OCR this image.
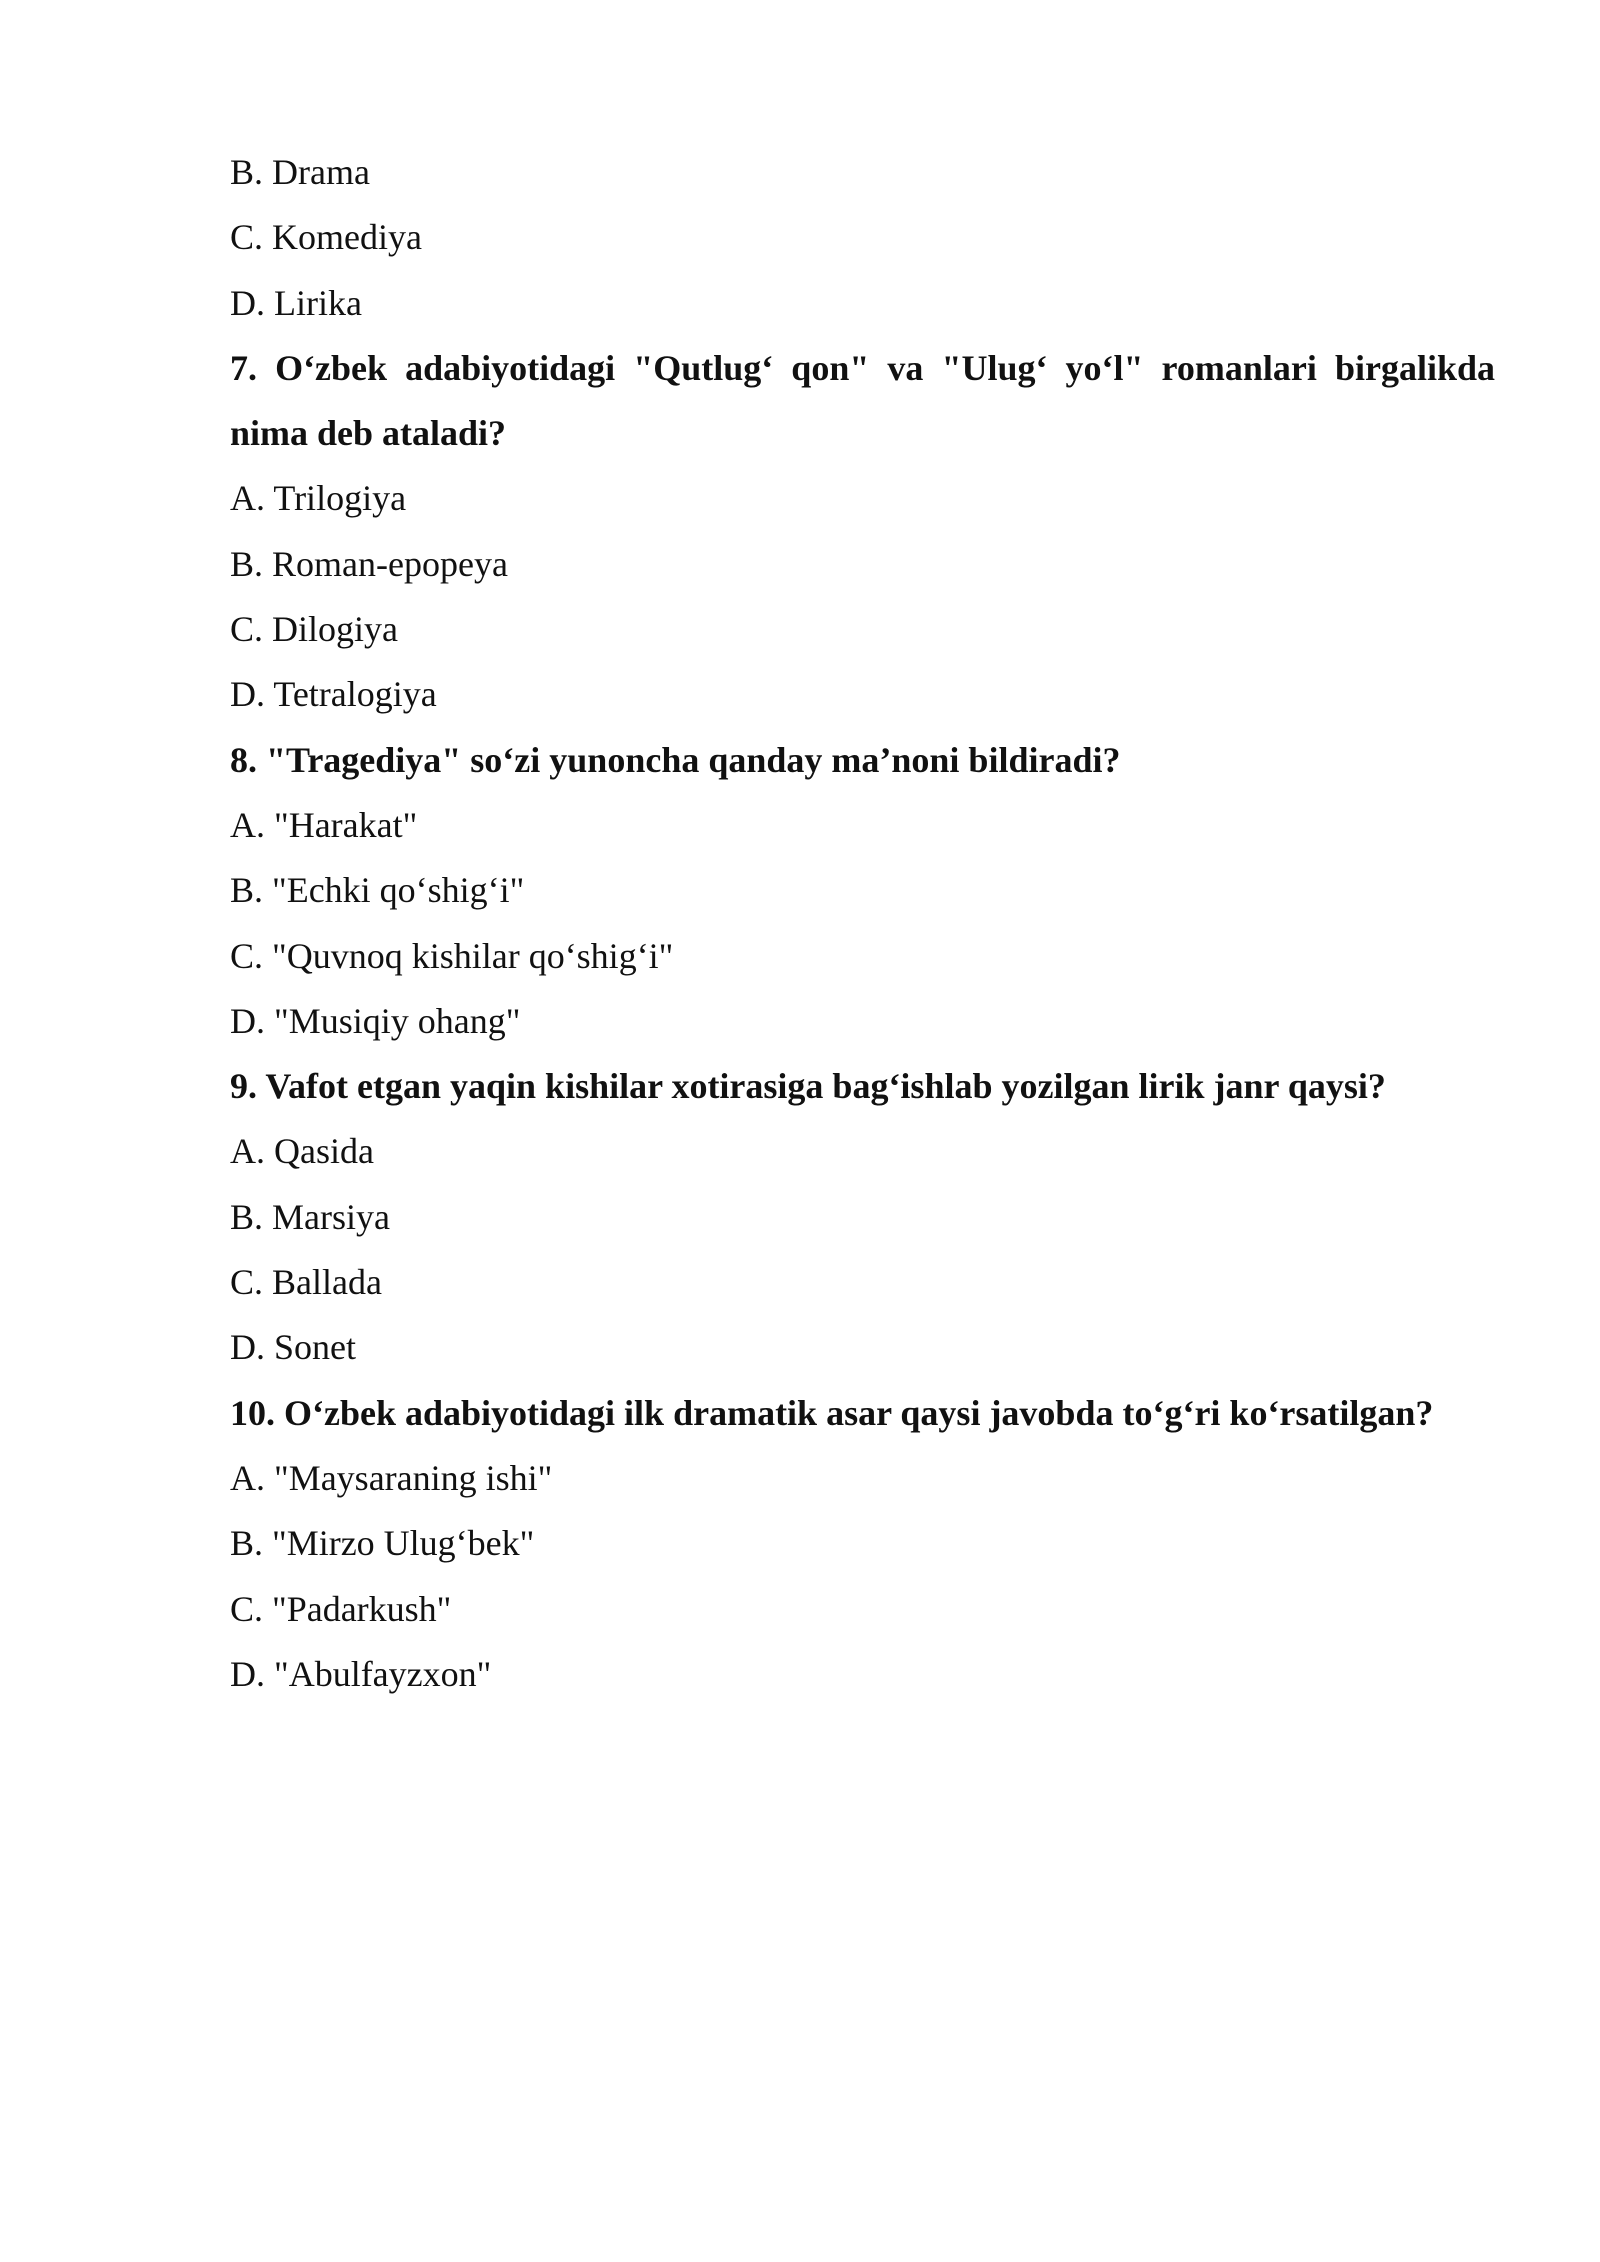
B. Drama
C. Komediya
D. Lirika
7. O‘zbek adabiyotidagi "Qutlug‘ qon" va "Ulug‘ yo‘l" romanlari birgalikda nima deb ataladi?
A. Trilogiya
B. Roman-epopeya
C. Dilogiya
D. Tetralogiya
8. "Tragediya" so‘zi yunoncha qanday ma’noni bildiradi?
A. "Harakat"
B. "Echki qo‘shig‘i"
C. "Quvnoq kishilar qo‘shig‘i"
D. "Musiqiy ohang"
9. Vafot etgan yaqin kishilar xotirasiga bag‘ishlab yozilgan lirik janr qaysi?
A. Qasida
B. Marsiya
C. Ballada
D. Sonet
10. O‘zbek adabiyotidagi ilk dramatik asar qaysi javobda to‘g‘ri ko‘rsatilgan?
A. "Maysaraning ishi"
B. "Mirzo Ulug‘bek"
C. "Padarkush"
D. "Abulfayzxon"
